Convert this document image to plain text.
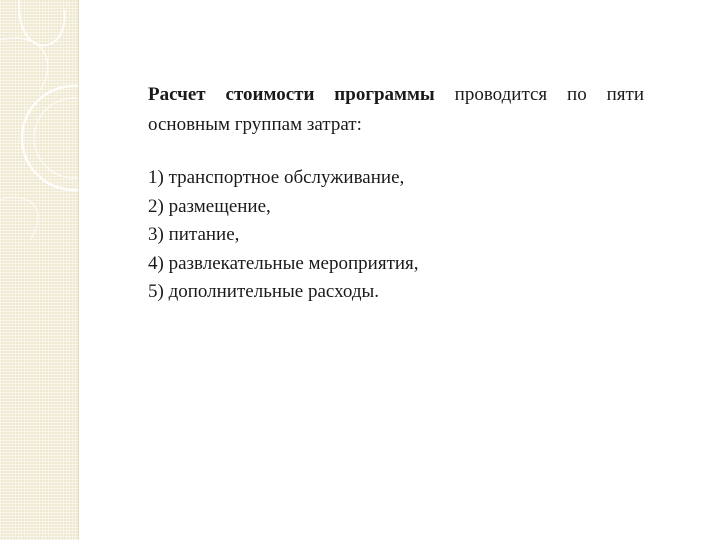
Расчет стоимости программы проводится по пяти основным группам затрат:

1) транспортное обслуживание,
2) размещение,
3) питание,
4) развлекательные мероприятия,
5) дополнительные расходы.
